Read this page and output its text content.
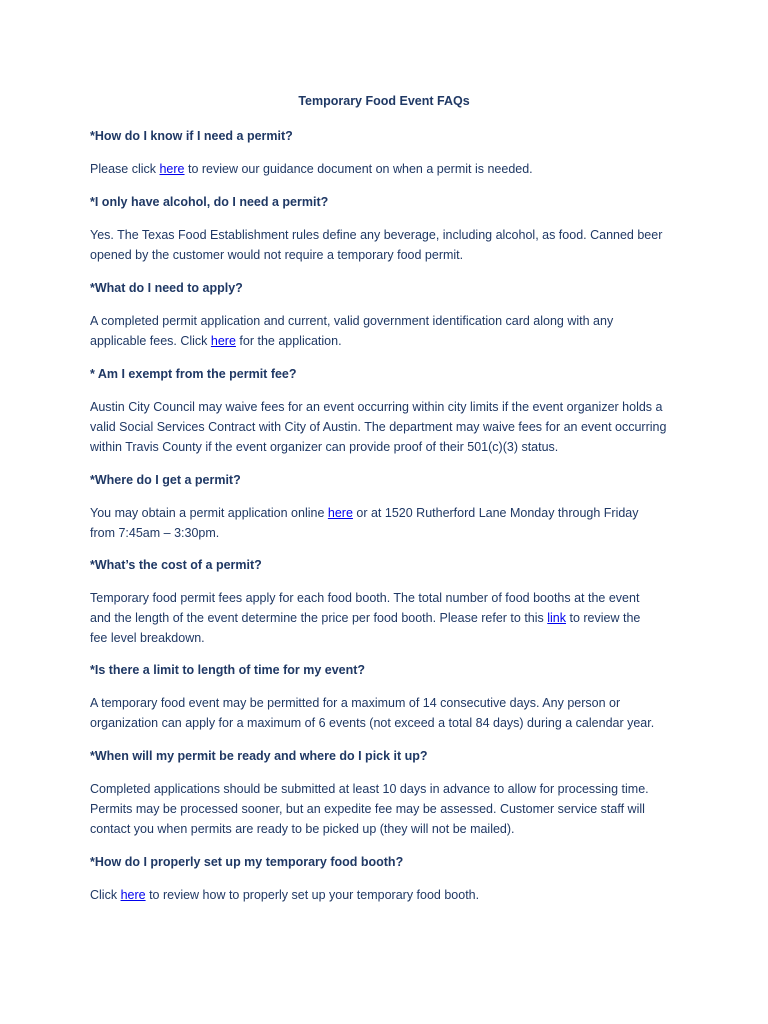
Temporary Food Event FAQs

*How do I know if I need a permit?

Please click here to review our guidance document on when a permit is needed.

*I only have alcohol, do I need a permit?

Yes. The Texas Food Establishment rules define any beverage, including alcohol, as food. Canned beer
opened by the customer would not require a temporary food permit.

*What do I need to apply?

A completed permit application and current, valid government identification card along with any
applicable fees. Click here for the application.

* Am I exempt from the permit fee?

Austin City Council may waive fees for an event occurring within city limits if the event organizer holds a
valid Social Services Contract with City of Austin. The department may waive fees for an event occurring
within Travis County if the event organizer can provide proof of their 501(c)(3) status.

*Where do I get a permit?

You may obtain a permit application online here or at 1520 Rutherford Lane Monday through Friday
from 7:45am – 3:30pm.

*What’s the cost of a permit?

Temporary food permit fees apply for each food booth. The total number of food booths at the event
and the length of the event determine the price per food booth. Please refer to this link to review the
fee level breakdown.

*Is there a limit to length of time for my event?

A temporary food event may be permitted for a maximum of 14 consecutive days. Any person or
organization can apply for a maximum of 6 events (not exceed a total 84 days) during a calendar year.

*When will my permit be ready and where do I pick it up?

Completed applications should be submitted at least 10 days in advance to allow for processing time.
Permits may be processed sooner, but an expedite fee may be assessed. Customer service staff will
contact you when permits are ready to be picked up (they will not be mailed).

*How do I properly set up my temporary food booth?

Click here to review how to properly set up your temporary food booth.
